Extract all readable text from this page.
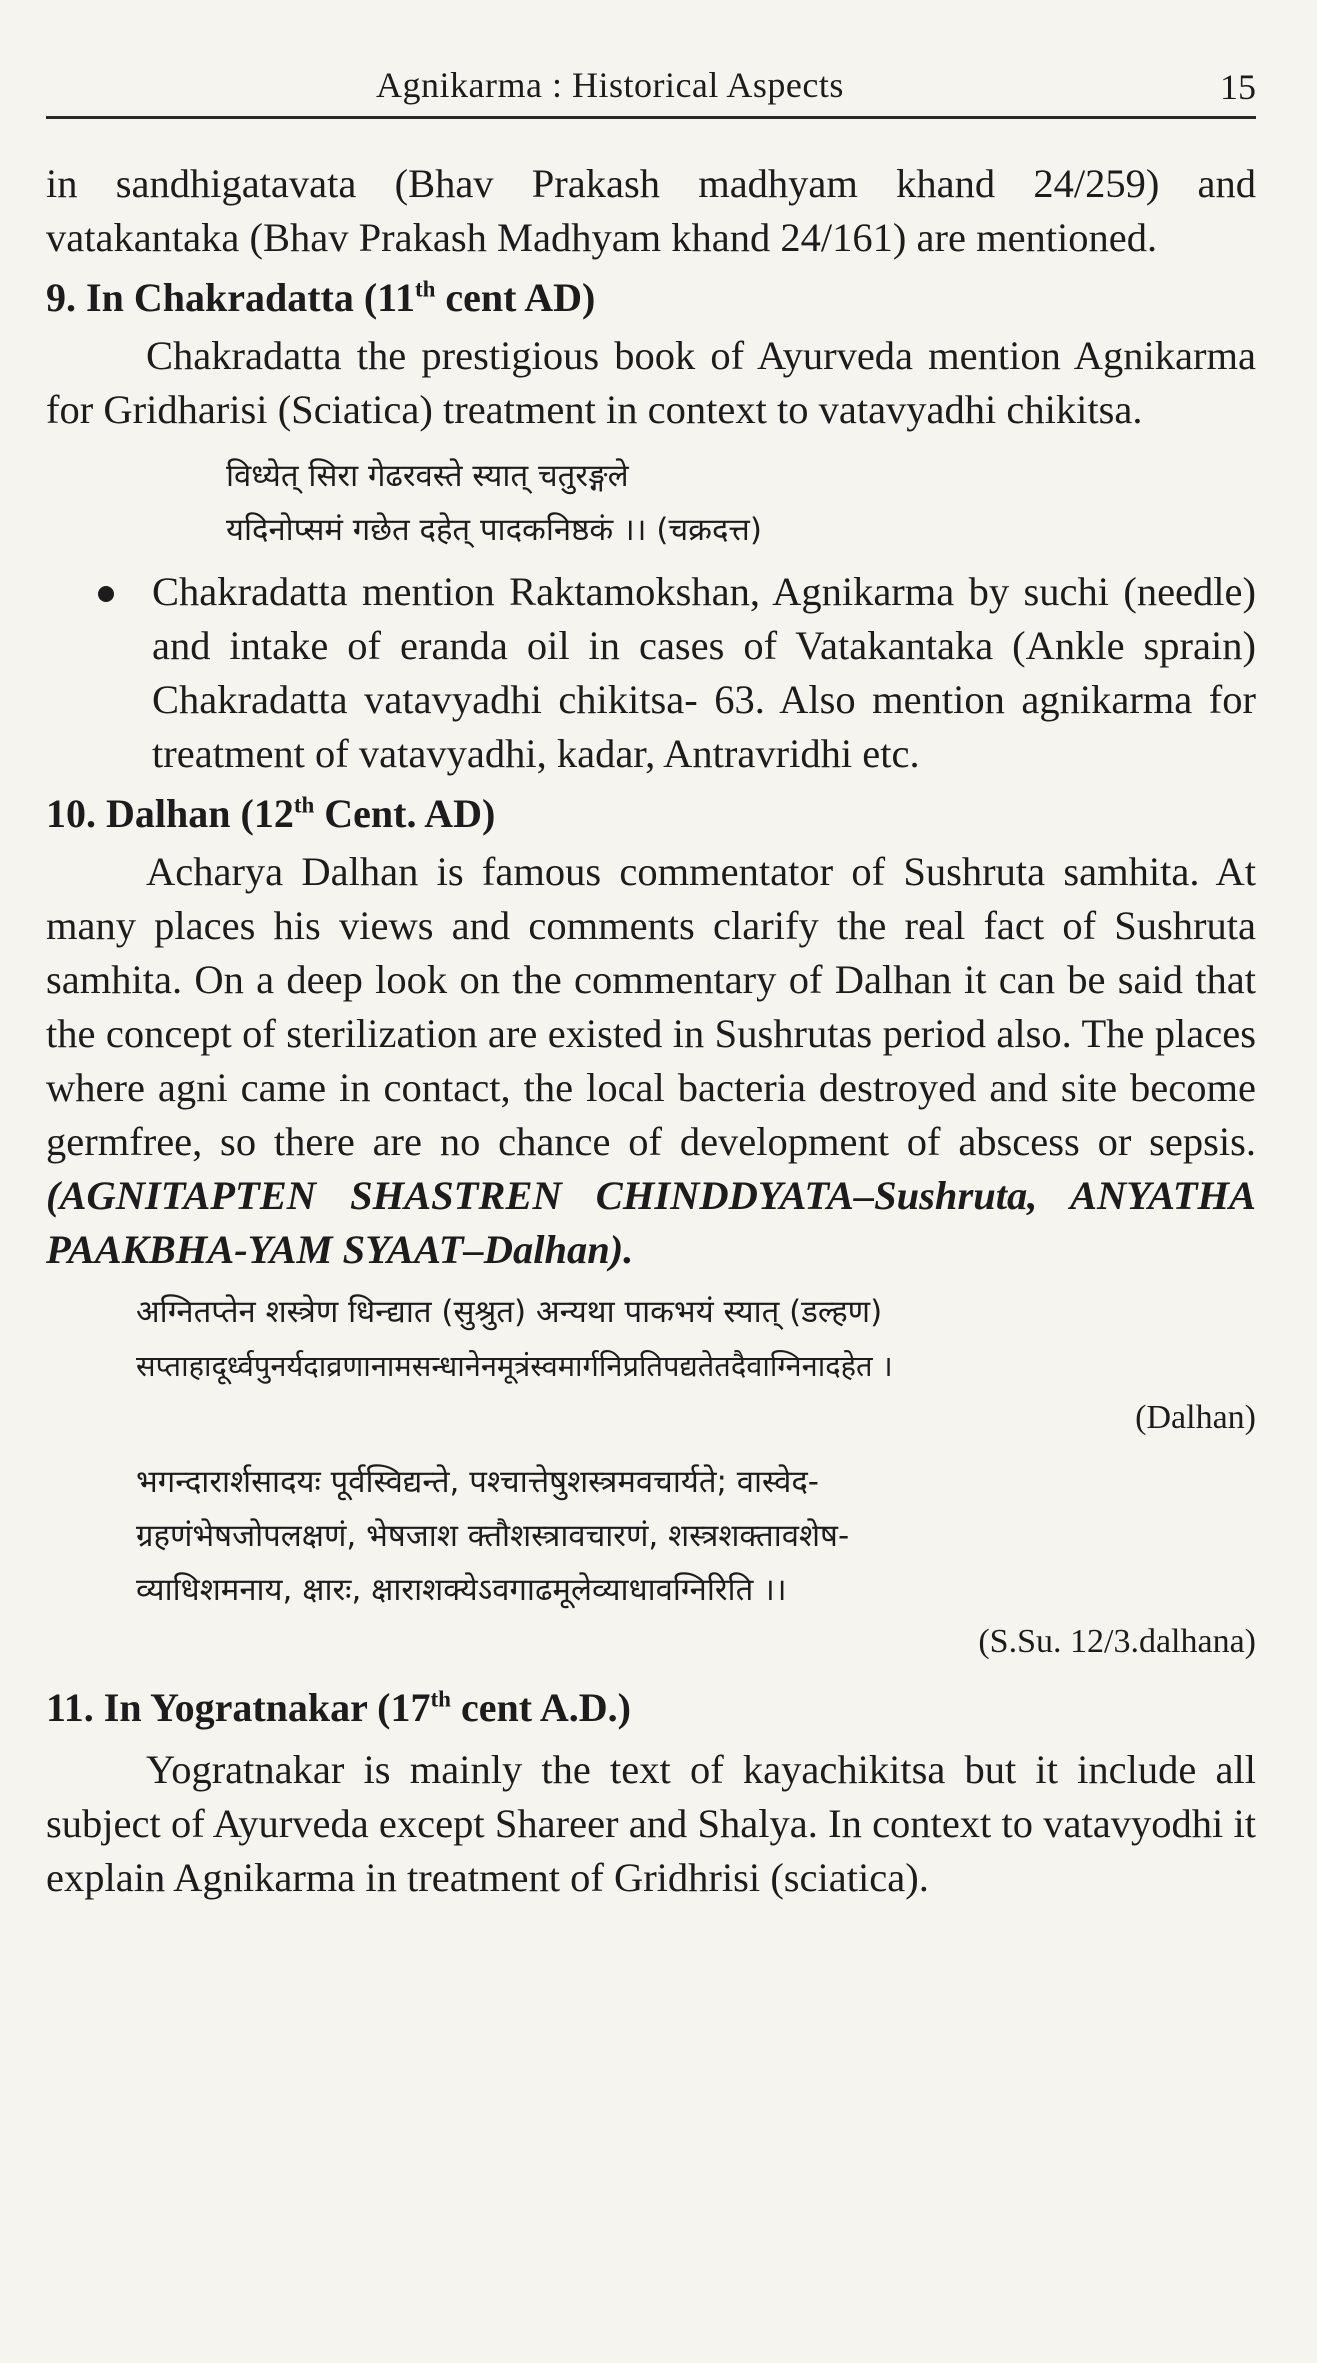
Agnikarma : Historical Aspects	15

in sandhigatavata (Bhav Prakash madhyam khand 24/259) and vatakantaka (Bhav Prakash Madhyam khand 24/161) are mentioned.

9. In Chakradatta (11th cent AD)

Chakradatta the prestigious book of Ayurveda mention Agnikarma for Gridharisi (Sciatica) treatment in context to vatavyadhi chikitsa.

विध्येत् सिरा गेढरवस्ते स्यात् चतुरङ्गले
यदिनोप्समं गछेत दहेत् पादकनिष्ठकं ।। (चक्रदत्त)

Chakradatta mention Raktamokshan, Agnikarma by suchi (needle) and intake of eranda oil in cases of Vatakantaka (Ankle sprain) Chakradatta vatavyadhi chikitsa- 63. Also mention agnikarma for treatment of vatavyadhi, kadar, Antravridhi etc.

10. Dalhan (12th Cent. AD)

Acharya Dalhan is famous commentator of Sushruta samhita. At many places his views and comments clarify the real fact of Sushruta samhita. On a deep look on the commentary of Dalhan it can be said that the concept of sterilization are existed in Sushrutas period also. The places where agni came in contact, the local bacteria destroyed and site become germfree, so there are no chance of development of abscess or sepsis. (AGNITAPTEN SHASTREN CHINDDYATA–Sushruta, ANYATHA PAAKBHA-YAM SYAAT–Dalhan).

अग्नितप्तेन शस्त्रेण धिन्द्यात (सुश्रुत) अन्यथा पाकभयं स्यात् (डल्हण)
सप्ताहादूर्ध्वपुनर्यदाव्रणानामसन्धानेनमूत्रंस्वमार्गनिप्रतिपद्यतेतदैवाग्निनादहेत ।
(Dalhan)
भगन्दारार्शसादयः पूर्वस्विद्यन्ते, पश्चात्तेषुशस्त्रमवचार्यते; वास्वेद-
ग्रहणंभेषजोपलक्षणं, भेषजाश क्तौशस्त्रावचारणं, शस्त्रशक्तावशेष-
व्याधिशमनाय, क्षारः, क्षाराशक्येऽवगाढमूलेव्याधावग्निरिति ।।
(S.Su. 12/3.dalhana)
11. In Yogratnakar (17th cent A.D.)

Yogratnakar is mainly the text of kayachikitsa but it include all subject of Ayurveda except Shareer and Shalya. In context to vatavyodhi it explain Agnikarma in treatment of Gridhrisi (sciatica).
